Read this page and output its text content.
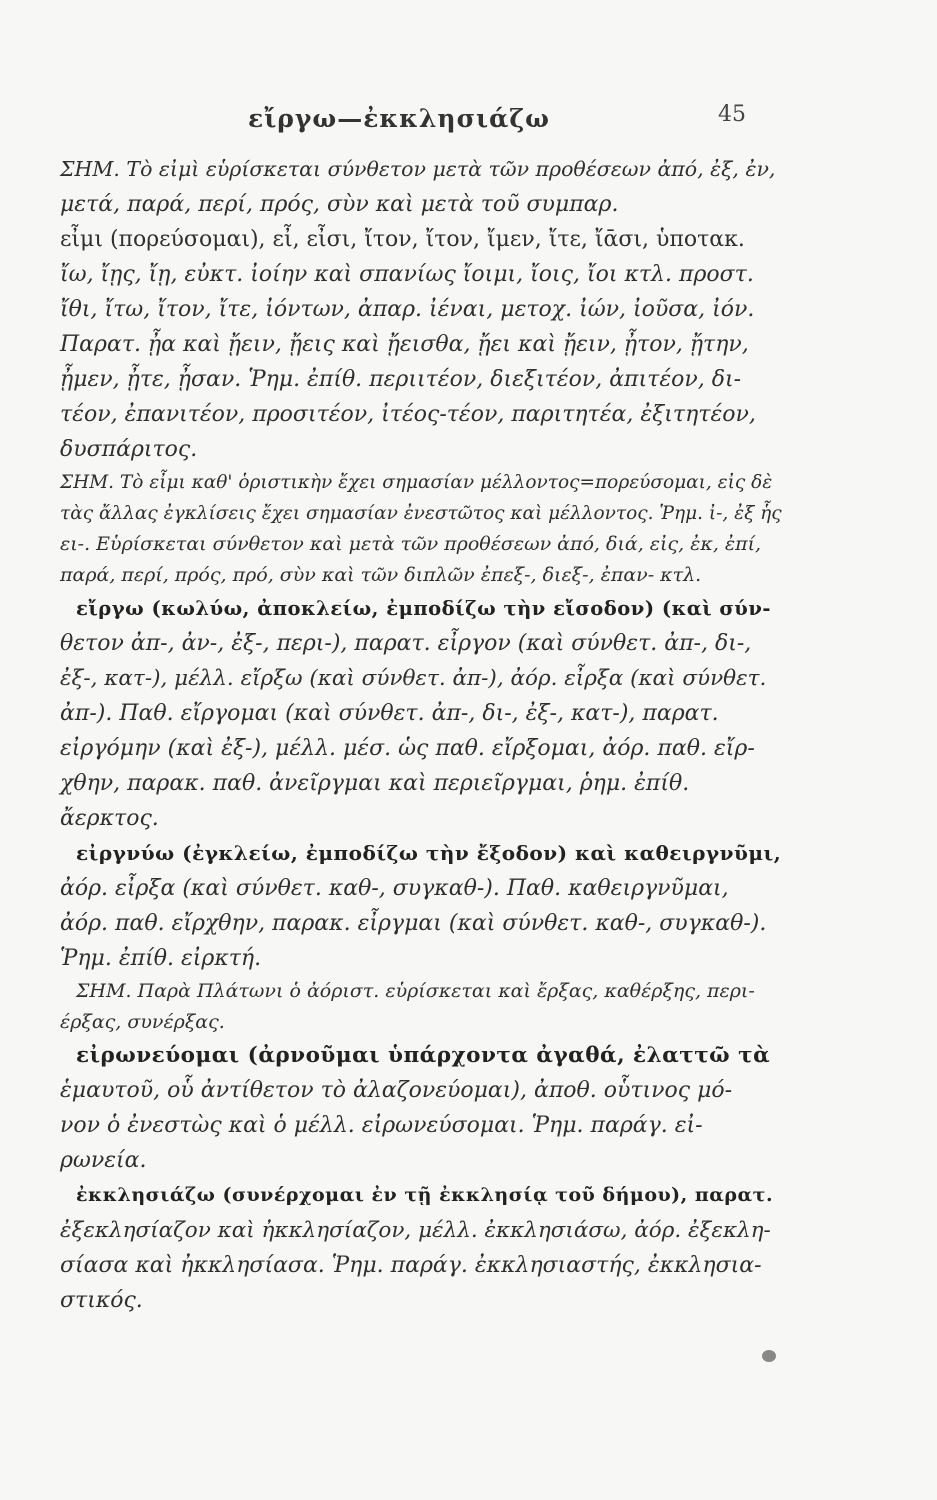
εἴργω—ἐκκλησιάζω	45
ΣΗΜ. Τὸ εἰμὶ εὑρίσκεται σύνθετον μετὰ τῶν προθέσεων ἀπό, ἐξ, ἐν,
μετά, παρά, περί, πρός, σὺν καὶ μετὰ τοῦ συμπαρ.
εἶμι (πορεύσομαι), εἶ, εἶσι, ἴτον, ἴτον, ἴμεν, ἴτε, ἴᾱσι, ὑποτακ.
ἴω, ἴῃς, ἴῃ, εὐκτ. ἰοίην καὶ σπανίως ἴοιμι, ἴοις, ἴοι κτλ. προστ.
ἴθι, ἴτω, ἴτον, ἴτε, ἰόντων, ἀπαρ. ἰέναι, μετοχ. ἰών, ἰοῦσα, ἰόν.
Παρατ. ᾖα καὶ ᾔειν, ᾔεις καὶ ᾔεισθα, ᾔει καὶ ᾔειν, ᾖτον, ᾔτην,
ᾖμεν, ᾖτε, ᾖσαν. Ῥημ. ἐπίθ. περιιτέον, διεξιτέον, ἀπιτέον, δι-
τέον, ἐπανιτέον, προσιτέον, ἰτέος-τέον, παριτητέα, ἐξιτητέον,
δυσπάριτος.
ΣΗΜ. Τὸ εἶμι καθ' ὁριστικὴν ἔχει σημασίαν μέλλοντος=πορεύσομαι, εἰς δὲ
τὰς ἄλλας ἐγκλίσεις ἔχει σημασίαν ἐνεστῶτος καὶ μέλλοντος. Ῥημ. ἰ-, ἐξ ἧς
ει-. Εὑρίσκεται σύνθετον καὶ μετὰ τῶν προθέσεων ἀπό, διά, εἰς, ἐκ, ἐπί,
παρά, περί, πρός, πρό, σὺν καὶ τῶν διπλῶν ἐπεξ-, διεξ-, ἐπαν- κτλ.
εἴργω (κωλύω, ἀποκλείω, ἐμποδίζω τὴν εἴσοδον) (καὶ σύν-
θετον ἀπ-, ἀν-, ἐξ-, περι-), παρατ. εἶργον (καὶ σύνθετ. ἀπ-, δι-,
ἐξ-, κατ-), μέλλ. εἴρξω (καὶ σύνθετ. ἀπ-), ἀόρ. εἶρξα (καὶ σύνθετ.
ἀπ-). Παθ. εἴργομαι (καὶ σύνθετ. ἀπ-, δι-, ἐξ-, κατ-), παρατ.
εἰργόμην (καὶ ἐξ-), μέλλ. μέσ. ὡς παθ. εἴρξομαι, ἀόρ. παθ. εἴρ-
χθην, παρακ. παθ. ἀνεῖργμαι καὶ περιεῖργμαι, ῥημ. ἐπίθ.
ἄερκτος.
εἰργνύω (ἐγκλείω, ἐμποδίζω τὴν ἔξοδον) καὶ καθειργνῦμι,
ἀόρ. εἶρξα (καὶ σύνθετ. καθ-, συγκαθ-). Παθ. καθειργνῦμαι,
ἀόρ. παθ. εἴρχθην, παρακ. εἶργμαι (καὶ σύνθετ. καθ-, συγκαθ-).
Ῥημ. ἐπίθ. εἰρκτή.
ΣΗΜ. Παρὰ Πλάτωνι ὁ ἀόριστ. εὑρίσκεται καὶ ἔρξας, καθέρξης, περι-
έρξας, συνέρξας.
εἰρωνεύομαι (ἀρνοῦμαι ὑπάρχοντα ἀγαθά, ἐλαττῶ τὰ
ἑμαυτοῦ, οὗ ἀντίθετον τὸ ἀλαζονεύομαι), ἀποθ. οὗτινος μό-
νον ὁ ἐνεστὼς καὶ ὁ μέλλ. εἰρωνεύσομαι. Ῥημ. παράγ. εἰ-
ρωνεία.
ἐκκλησιάζω (συνέρχομαι ἐν τῇ ἐκκλησίᾳ τοῦ δήμου), παρατ.
ἐξεκλησίαζον καὶ ἠκκλησίαζον, μέλλ. ἐκκλησιάσω, ἀόρ. ἐξεκλη-
σίασα καὶ ἠκκλησίασα. Ῥημ. παράγ. ἐκκλησιαστής, ἐκκλησια-
στικός.
